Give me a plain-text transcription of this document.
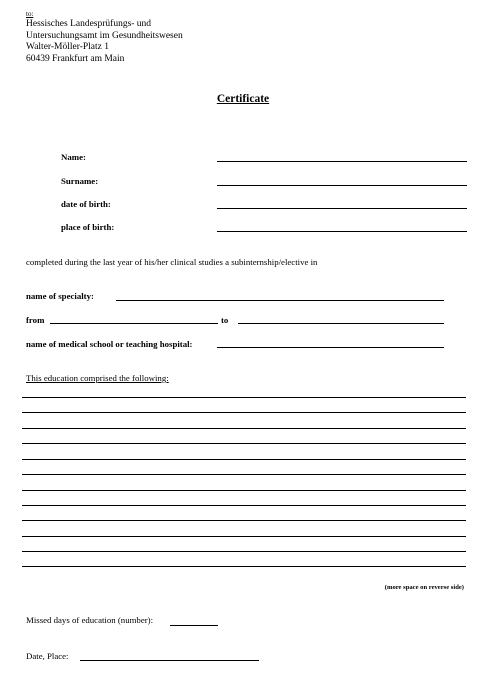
to:
Hessisches Landesprüfungs- und
Untersuchungsamt im Gesundheitswesen
Walter-Möller-Platz 1
60439 Frankfurt am Main
Certificate
Name:
Surname:
date of birth:
place of birth:
completed during the last year of his/her clinical studies a subinternship/elective in
name of specialty:
from	to
name of medical school or teaching hospital:
This education comprised the following:
(more space on reverse side)
Missed days of education (number):
Date, Place:
